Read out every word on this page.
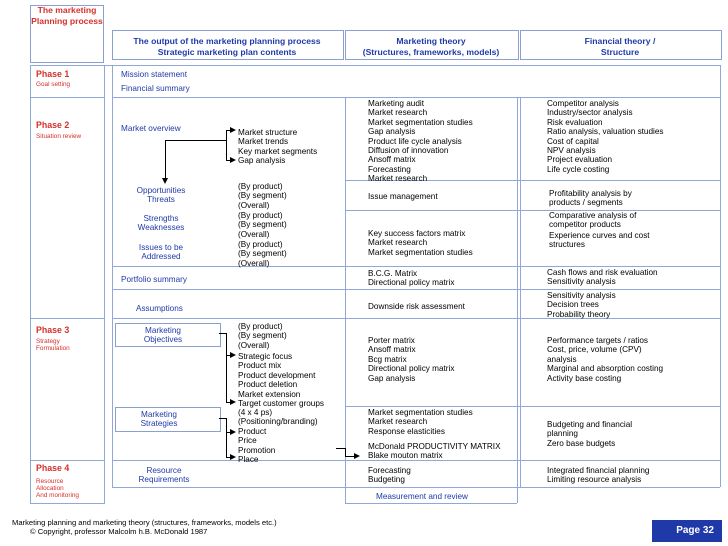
The marketing
Planning process
The output of the marketing planning process
Strategic marketing plan contents
Marketing theory
(Structures, frameworks, models)
Financial theory /
Structure
Phase 1
Goal setting
Phase 2
Situation review
Phase 3
Strategy
Formulation
Phase 4
Resource
Allocation
And monitoring
Mission statement
Financial summary
Market overview
Opportunities
Threats
Strengths
Weaknesses
Issues to be
Addressed
Portfolio summary
Assumptions
Marketing
Objectives
Marketing
Strategies
Resource
Requirements
Market structure
Market trends
Key market segments
Gap analysis
(By product)
(By segment)
(Overall)
(By product)
(By segment)
(Overall)
(By product)
(By segment)
(Overall)
(By product)
(By segment)
(Overall)
Strategic focus
Product mix
Product development
Product deletion
Market extension
Target customer groups
(4 x 4 ps)
(Positioning/branding)
Product
Price
Promotion
Place
Marketing audit
Market research
Market segmentation studies
Gap analysis
Product life cycle analysis
Diffusion of innovation
Ansoff matrix
Forecasting
Market research
Issue management
Key success factors matrix
Market research
Market segmentation studies
B.C.G. Matrix
Directional policy matrix
Downside risk assessment
Porter matrix
Ansoff matrix
Bcg matrix
Directional policy matrix
Gap analysis
Market segmentation studies
Market research
Response elasticities
McDonald PRODUCTIVITY MATRIX
Blake mouton matrix
Forecasting
Budgeting
Measurement and review
Competitor analysis
Industry/sector analysis
Risk evaluation
Ratio analysis, valuation studies
Cost of capital
NPV analysis
Project evaluation
Life cycle costing
Profitability analysis by
products / segments
Comparative analysis of
competitor products
Experience curves and cost
structures
Cash flows and risk evaluation
Sensitivity analysis
Sensitivity analysis
Decision trees
Probability theory
Performance targets / ratios
Cost, price, volume (CPV)
analysis
Marginal and absorption costing
Activity base costing
Budgeting and financial
planning
Zero base budgets
Integrated financial planning
Limiting resource analysis
Marketing planning and marketing theory (structures, frameworks, models etc.)
© Copyright, professor Malcolm h.B. McDonald 1987	Page 32
